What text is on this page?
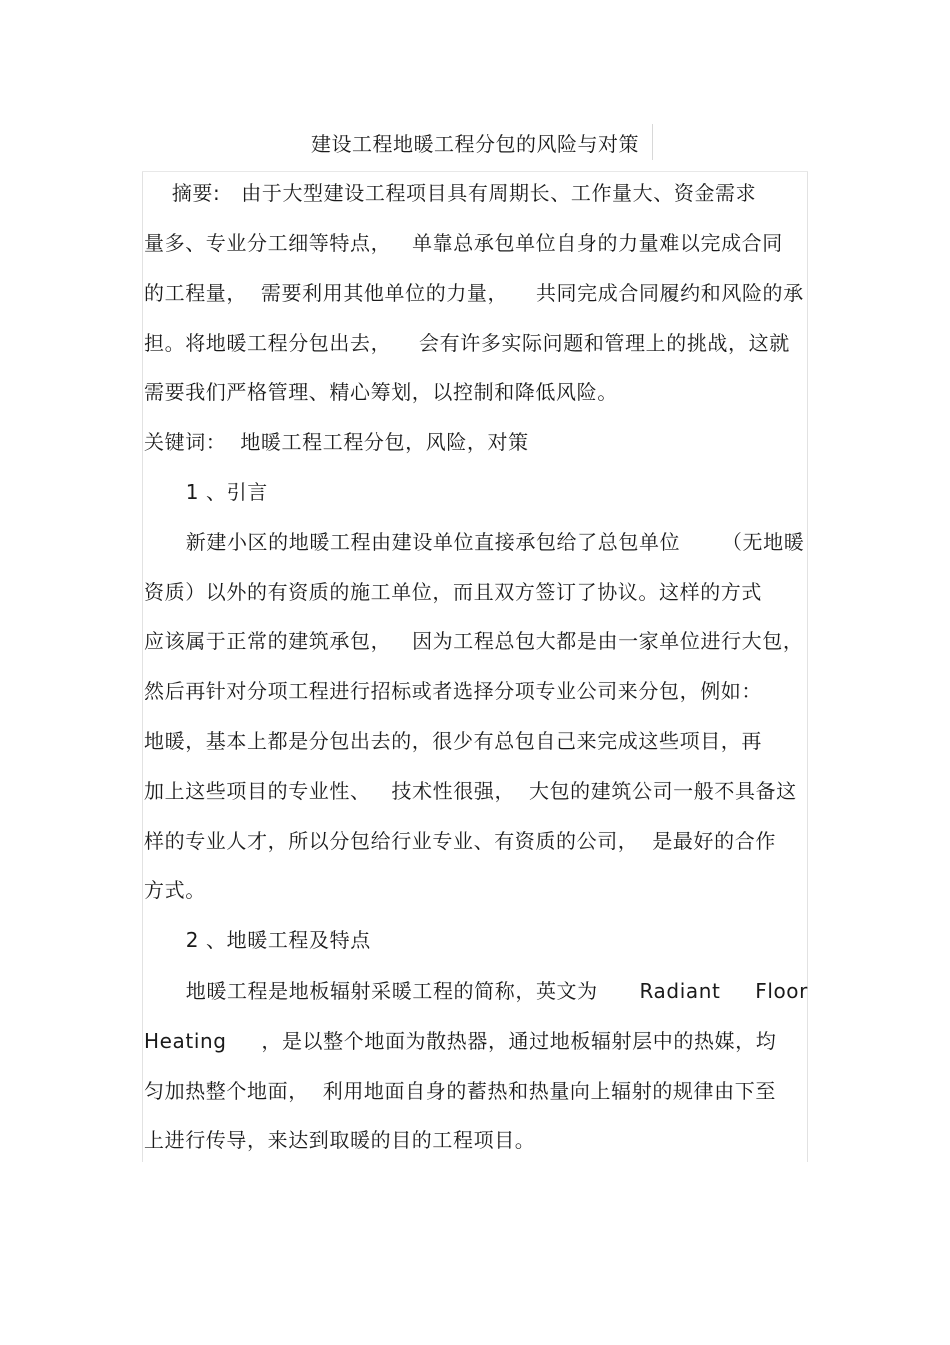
建设工程地暖工程分包的风险与对策
摘要:   由于大型建设工程项目具有周期长、工作量大、资金需求
量多、专业分工细等特点，   单靠总承包单位自身的力量难以完成合同
的工程量，  需要利用其他单位的力量，    共同完成合同履约和风险的承
担。将地暖工程分包出去，    会有许多实际问题和管理上的挑战，这就
需要我们严格管理、精心筹划，以控制和降低风险。
关键词：  地暖工程工程分包，风险，对策
1 、引言
新建小区的地暖工程由建设单位直接承包给了总包单位      （无地暖
资质）以外的有资质的施工单位，而且双方签订了协议。这样的方式
应该属于正常的建筑承包，   因为工程总包大都是由一家单位进行大包，
然后再针对分项工程进行招标或者选择分项专业公司来分包，例如：
地暖，基本上都是分包出去的，很少有总包自己来完成这些项目，再
加上这些项目的专业性、   技术性很强，  大包的建筑公司一般不具备这
样的专业人才，所以分包给行业专业、有资质的公司，  是最好的合作
方式。
2 、地暖工程及特点
地暖工程是地板辐射采暖工程的简称，英文为      Radiant     Floor
Heating     ，是以整个地面为散热器，通过地板辐射层中的热媒，均
匀加热整个地面，  利用地面自身的蓄热和热量向上辐射的规律由下至
上进行传导，来达到取暖的目的工程项目。
